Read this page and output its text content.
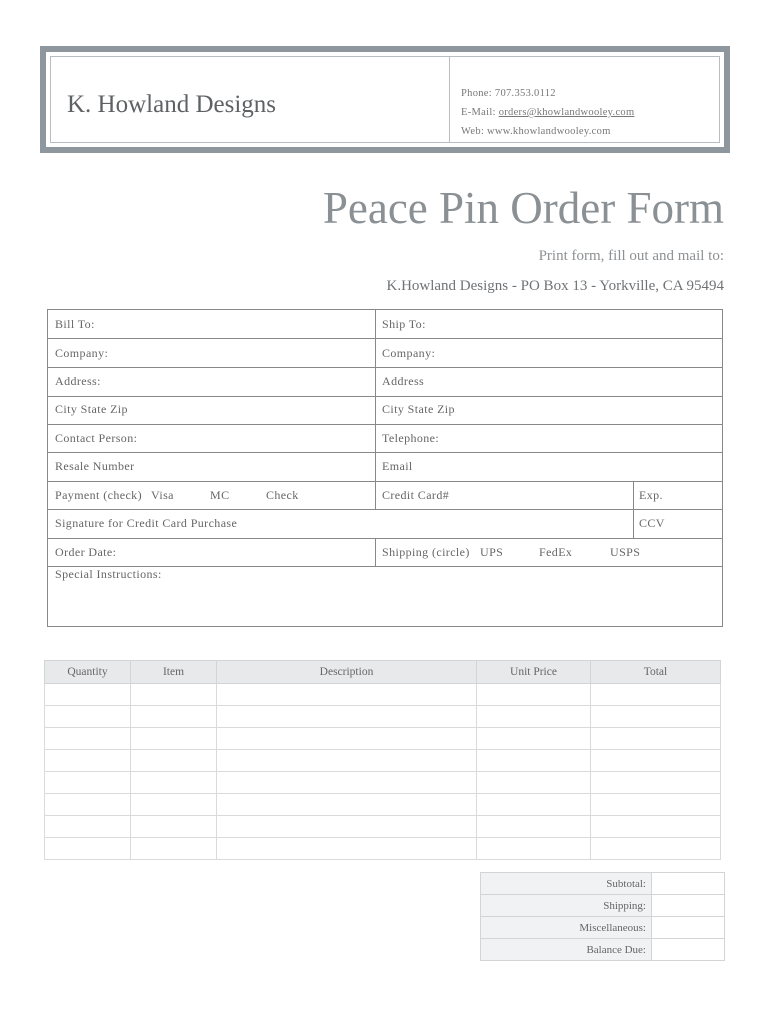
K. Howland Designs	Phone: 707.353.0112
E-Mail: orders@khowlandwooley.com
Web: www.khowlandwooley.com
Peace Pin Order Form
Print form, fill out and mail to:
K.Howland Designs - PO Box 13 - Yorkville, CA 95494
Bill To:	Ship To:
Company:	Company:
Address:	Address
City State Zip	City State Zip
Contact Person:	Telephone:
Resale Number	Email
Payment (check) Visa	MC	Check	Credit Card#	Exp.
Signature for Credit Card Purchase	CCV
Order Date:	Shipping (circle) UPS	FedEx	USPS
Special Instructions:
Quantity	Item	Description	Unit Price	Total

Subtotal:	
Shipping:	
Miscellaneous:	
Balance Due:	
